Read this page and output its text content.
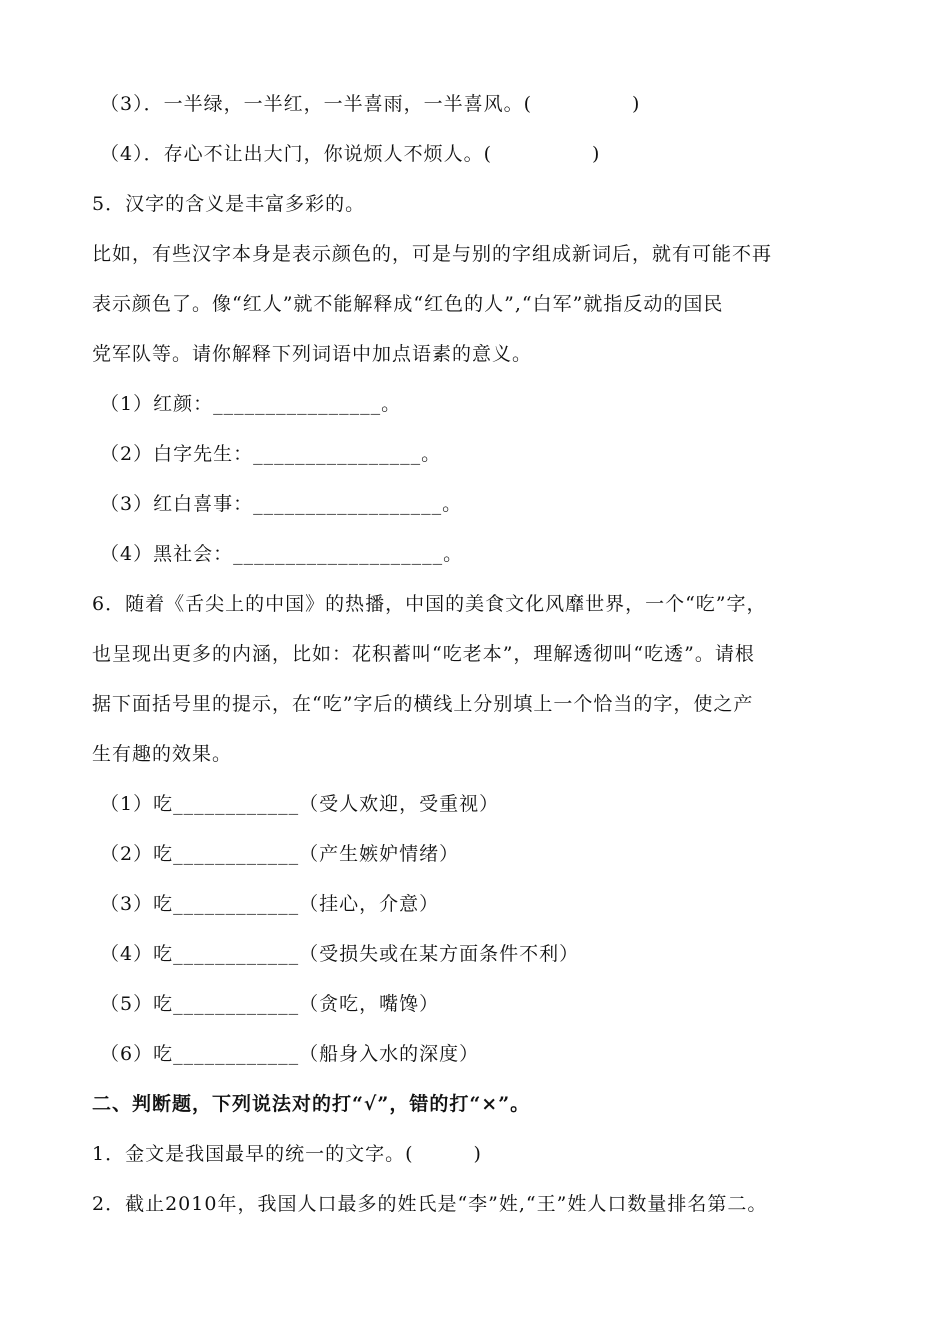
（3）．一半绿，一半红，一半喜雨，一半喜风。(　　　　　)
（4）．存心不让出大门，你说烦人不烦人。(　　　　　)
5．汉字的含义是丰富多彩的。
比如，有些汉字本身是表示颜色的，可是与别的字组成新词后，就有可能不再
表示颜色了。像“红人”就不能解释成“红色的人”,“白军”就指反动的国民
党军队等。请你解释下列词语中加点语素的意义。
（1）红颜：________________。
（2）白字先生：________________。
（3）红白喜事：__________________。
（4）黑社会：____________________。
6．随着《舌尖上的中国》的热播，中国的美食文化风靡世界，一个“吃”字，
也呈现出更多的内涵，比如：花积蓄叫“吃老本”，理解透彻叫“吃透”。请根
据下面括号里的提示，在“吃”字后的横线上分别填上一个恰当的字，使之产
生有趣的效果。
（1）吃____________（受人欢迎，受重视）
（2）吃____________（产生嫉妒情绪）
（3）吃____________（挂心，介意）
（4）吃____________（受损失或在某方面条件不利）
（5）吃____________（贪吃，嘴馋）
（6）吃____________（船身入水的深度）
二、判断题，下列说法对的打“√”，错的打“×”。
1．金文是我国最早的统一的文字。(　　　)
2．截止2010年，我国人口最多的姓氏是“李”姓,“王”姓人口数量排名第二。
